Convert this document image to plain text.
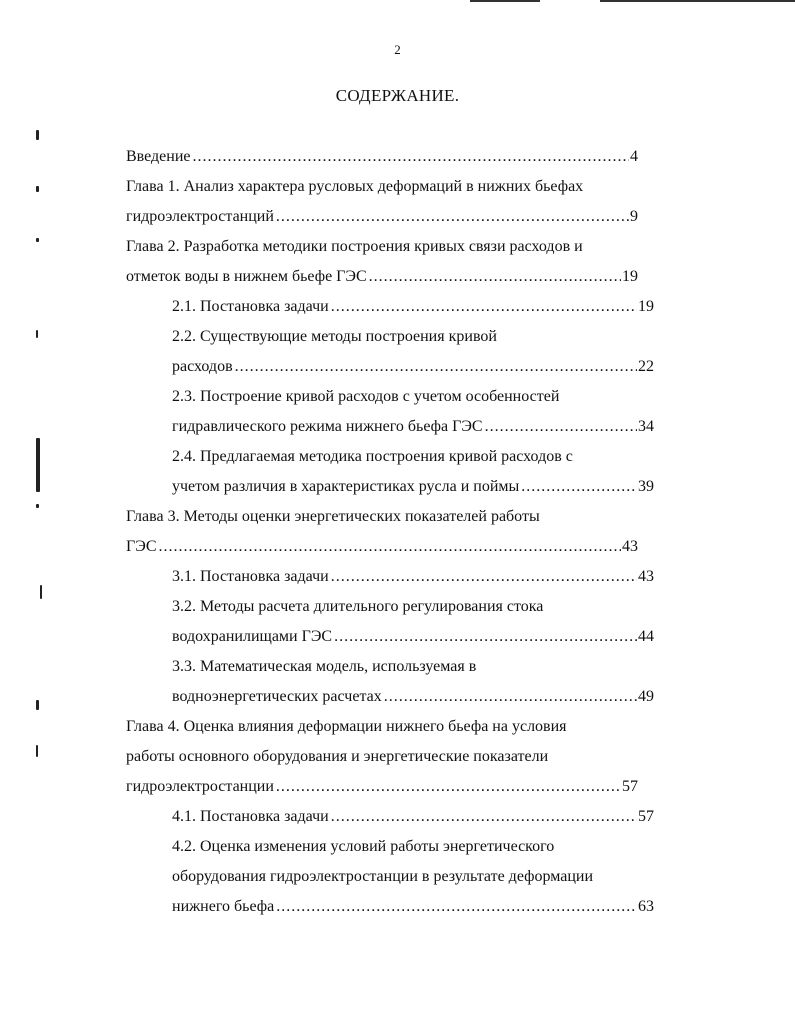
2
СОДЕРЖАНИЕ.
Введение .....	4
Глава 1. Анализ характера русловых деформаций в нижних бьефах
гидроэлектростанций .....	9
Глава 2. Разработка методики построения кривых связи расходов и
отметок воды в нижнем бьефе ГЭС .....	19
2.1. Постановка задачи .....	19
2.2. Существующие методы построения кривой
расходов .....	22
2.3. Построение кривой расходов с учетом особенностей
гидравлического режима нижнего бьефа ГЭС .....	34
2.4. Предлагаемая методика построения кривой расходов с
учетом различия в характеристиках русла и поймы .....	39
Глава 3. Методы оценки энергетических показателей работы
ГЭС .....	43
3.1. Постановка задачи .....	43
3.2. Методы расчета длительного регулирования стока
водохранилищами ГЭС .....	44
3.3. Математическая модель, используемая в
водноэнергетических расчетах .....	49
Глава 4. Оценка влияния деформации нижнего бьефа на условия
работы основного оборудования и энергетические показатели
гидроэлектростанции .....	57
4.1. Постановка задачи .....	57
4.2. Оценка изменения условий работы энергетического
оборудования гидроэлектростанции в результате деформации
нижнего бьефа .....	63
